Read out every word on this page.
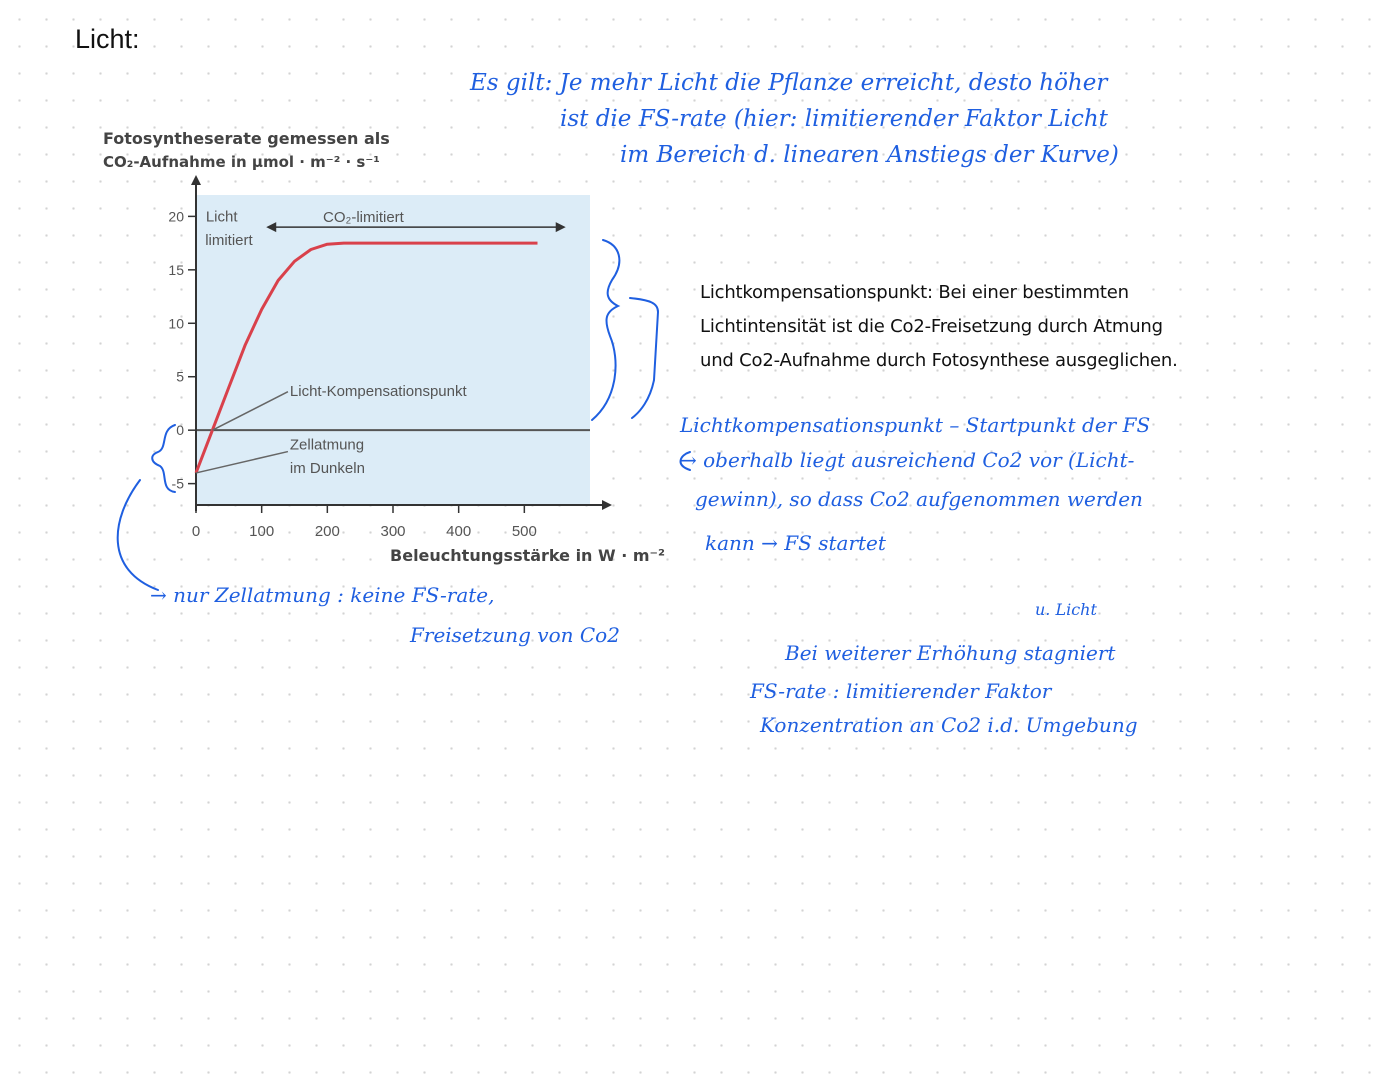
Licht:
20
15
10
5
0
-5
0	100	200	300	400	500
Fotosyntheserate gemessen als
CO₂-Aufnahme in µmol · m⁻² · s⁻¹
Beleuchtungsstärke in W · m⁻²
Licht
limitiert
CO₂-limitiert
Licht-Kompensationspunkt
Zellatmung
im Dunkeln
Es gilt: Je mehr Licht die Pflanze erreicht, desto höher
ist die FS-rate (hier: limitierender Faktor Licht
im Bereich d. linearen Anstiegs der Kurve)
Lichtkompensationspunkt: Bei einer bestimmten Lichtintensität ist die Co2-Freisetzung durch Atmung und Co2-Aufnahme durch Fotosynthese ausgeglichen.
Lichtkompensationspunkt – Startpunkt der FS
→ oberhalb liegt ausreichend Co2 vor (Licht-
gewinn), so dass Co2 aufgenommen werden
kann → FS startet
→ nur Zellatmung : keine FS-rate,
Freisetzung von Co2
u. Licht
Bei weiterer Erhöhung stagniert
FS-rate : limitierender Faktor
Konzentration an Co2 i.d. Umgebung
